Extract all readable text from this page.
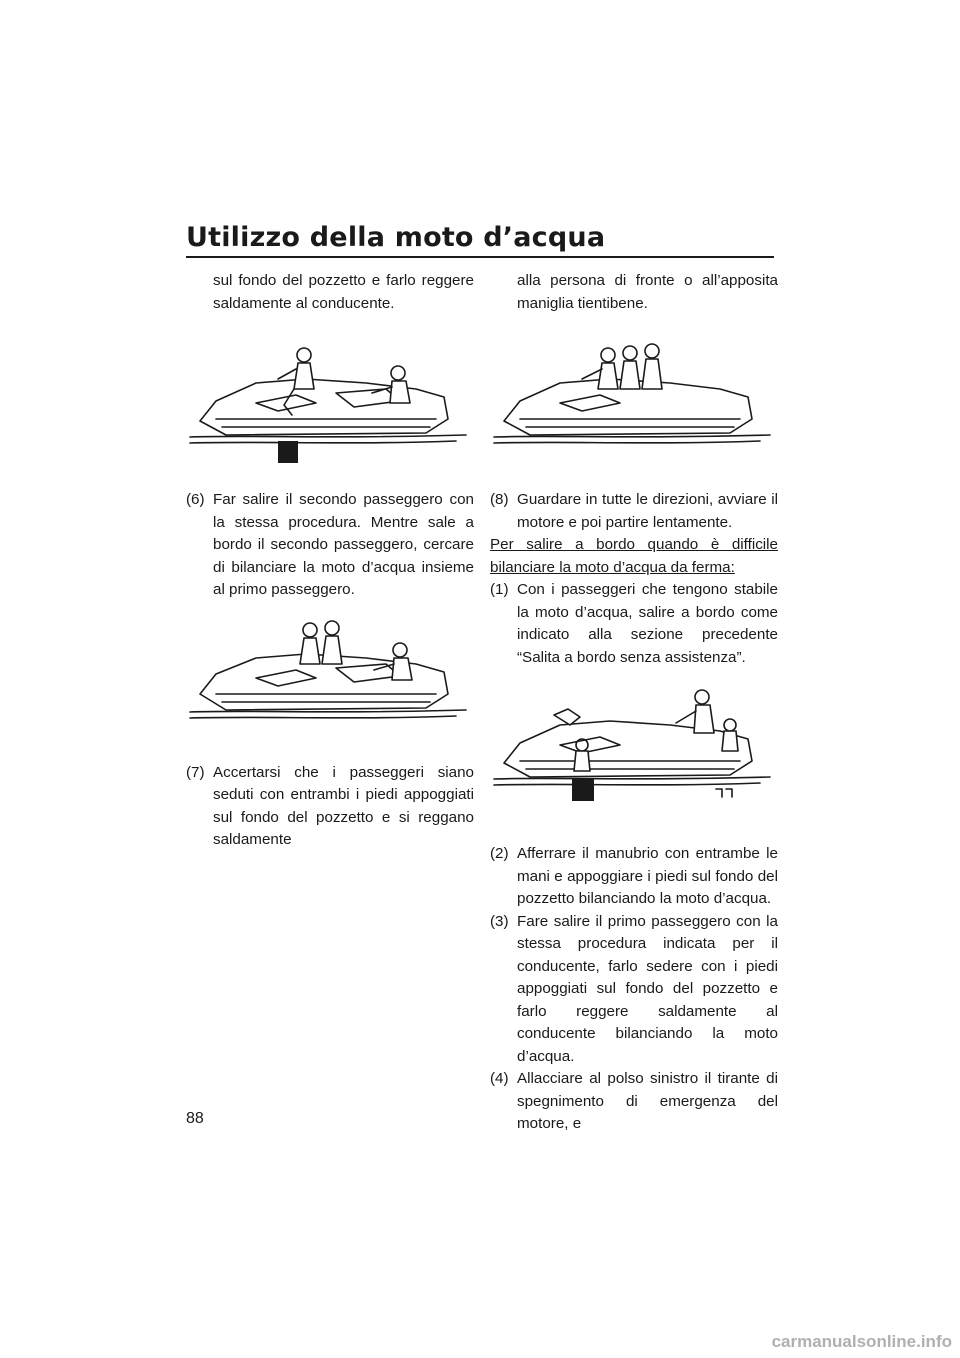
Utilizzo della moto d’acqua

sul fondo del pozzetto e farlo reggere saldamente al conducente.

(6) Far salire il secondo passeggero con la stessa procedura. Mentre sale a bordo il secondo passeggero, cercare di bilanciare la moto d’acqua insieme al primo passeggero.
(7) Accertarsi che i passeggeri siano seduti con entrambi i piedi appoggiati sul fondo del pozzetto e si reggano saldamente

alla persona di fronte o all’apposita maniglia tientibene.

(8) Guardare in tutte le direzioni, avviare il motore e poi partire lentamente.

Per salire a bordo quando è difficile bilanciare la moto d’acqua da ferma:

(1) Con i passeggeri che tengono stabile la moto d’acqua, salire a bordo come indicato alla sezione precedente “Salita a bordo senza assistenza”.
(2) Afferrare il manubrio con entrambe le mani e appoggiare i piedi sul fondo del pozzetto bilanciando la moto d’acqua.
(3) Fare salire il primo passeggero con la stessa procedura indicata per il conducente, farlo sedere con i piedi appoggiati sul fondo del pozzetto e farlo reggere saldamente al conducente bilanciando la moto d’acqua.
(4) Allacciare al polso sinistro il tirante di spegnimento di emergenza del motore, e
88
carmanualsonline.info
